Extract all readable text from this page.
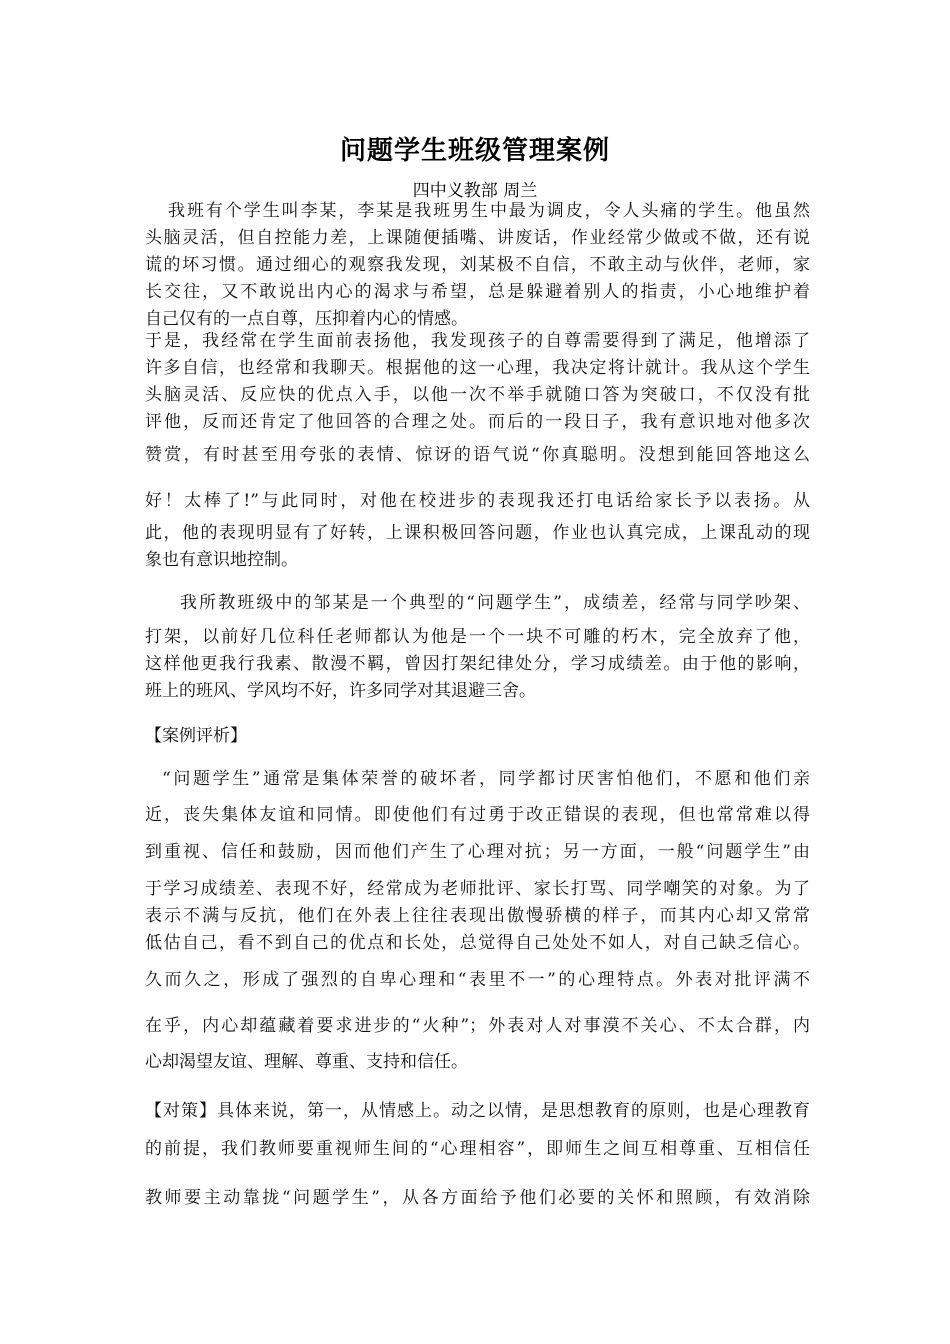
问题学生班级管理案例

四中义教部 周兰

我班有个学生叫李某，李某是我班男生中最为调皮，令人头痛的学生。他虽然

头脑灵活，但自控能力差，上课随便插嘴、讲废话，作业经常少做或不做，还有说

谎的坏习惯。通过细心的观察我发现，刘某极不自信，不敢主动与伙伴，老师，家

长交往，又不敢说出内心的渴求与希望，总是躲避着别人的指责，小心地维护着

自己仅有的一点自尊，压抑着内心的情感。

于是，我经常在学生面前表扬他，我发现孩子的自尊需要得到了满足，他增添了

许多自信，也经常和我聊天。根据他的这一心理，我决定将计就计。我从这个学生

头脑灵活、反应快的优点入手，以他一次不举手就随口答为突破口，不仅没有批

评他，反而还肯定了他回答的合理之处。而后的一段日子，我有意识地对他多次

赞赏，有时甚至用夸张的表情、惊讶的语气说“你真聪明。没想到能回答地这么

好！太棒了!”与此同时，对他在校进步的表现我还打电话给家长予以表扬。从

此，他的表现明显有了好转，上课积极回答问题，作业也认真完成，上课乱动的现

象也有意识地控制。

我所教班级中的邹某是一个典型的“问题学生”，成绩差，经常与同学吵架、

打架，以前好几位科任老师都认为他是一个一块不可雕的朽木，完全放弃了他，

这样他更我行我素、散漫不羁，曾因打架纪律处分，学习成绩差。由于他的影响，

班上的班风、学风均不好，许多同学对其退避三舍。

【案例评析】

“问题学生”通常是集体荣誉的破坏者，同学都讨厌害怕他们，不愿和他们亲

近，丧失集体友谊和同情。即使他们有过勇于改正错误的表现，但也常常难以得

到重视、信任和鼓励，因而他们产生了心理对抗；另一方面，一般“问题学生”由

于学习成绩差、表现不好，经常成为老师批评、家长打骂、同学嘲笑的对象。为了

表示不满与反抗，他们在外表上往往表现出傲慢骄横的样子，而其内心却又常常

低估自己，看不到自己的优点和长处，总觉得自己处处不如人，对自己缺乏信心。

久而久之，形成了强烈的自卑心理和“表里不一”的心理特点。外表对批评满不

在乎，内心却蕴藏着要求进步的“火种”；外表对人对事漠不关心、不太合群，内

心却渴望友谊、理解、尊重、支持和信任。

【对策】具体来说，第一，从情感上。动之以情，是思想教育的原则，也是心理教育

的前提，我们教师要重视师生间的“心理相容”，即师生之间互相尊重、互相信任

教师要主动靠拢“问题学生”，从各方面给予他们必要的关怀和照顾，有效消除
